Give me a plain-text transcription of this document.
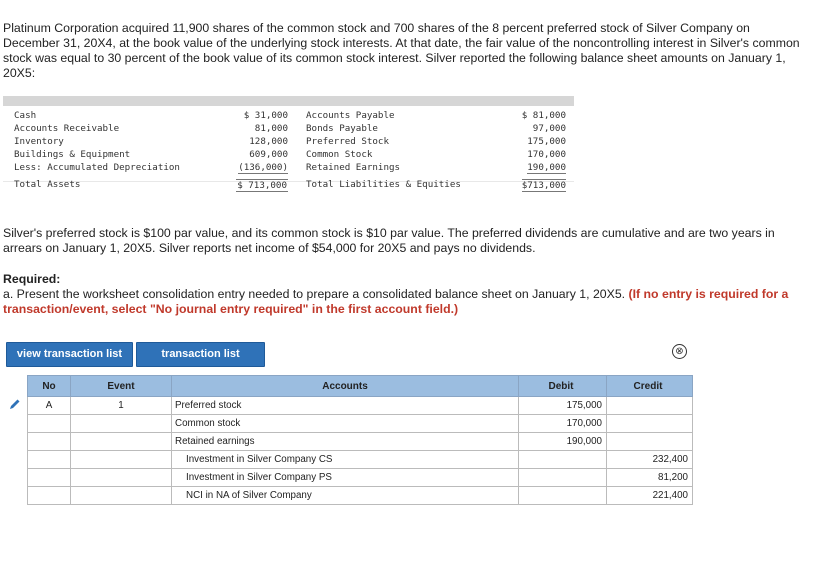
Platinum Corporation acquired 11,900 shares of the common stock and 700 shares of the 8 percent preferred stock of Silver Company on December 31, 20X4, at the book value of the underlying stock interests. At that date, the fair value of the noncontrolling interest in Silver's common stock was equal to 30 percent of the book value of its common stock interest. Silver reported the following balance sheet amounts on January 1, 20X5:
Cash	$ 31,000 Accounts Payable	$ 81,000
Accounts Receivable	81,000 Bonds Payable	97,000
Inventory	128,000 Preferred Stock	175,000
Buildings & Equipment	609,000 Common Stock	170,000
Less: Accumulated Depreciation	(136,000) Retained Earnings	190,000
Total Assets	$ 713,000 Total Liabilities & Equities	$713,000
Silver's preferred stock is $100 par value, and its common stock is $10 par value. The preferred dividends are cumulative and are two years in arrears on January 1, 20X5. Silver reports net income of $54,000 for 20X5 and pays no dividends.
Required:
a. Present the worksheet consolidation entry needed to prepare a consolidated balance sheet on January 1, 20X5. (If no entry is required for a transaction/event, select "No journal entry required" in the first account field.)
view transaction list	transaction list	⊗
No	Event	Accounts	Debit	Credit
A	1	Preferred stock	175,000	
		Common stock	170,000	
		Retained earnings	190,000	
		Investment in Silver Company CS		232,400
		Investment in Silver Company PS		81,200
		NCI in NA of Silver Company		221,400
